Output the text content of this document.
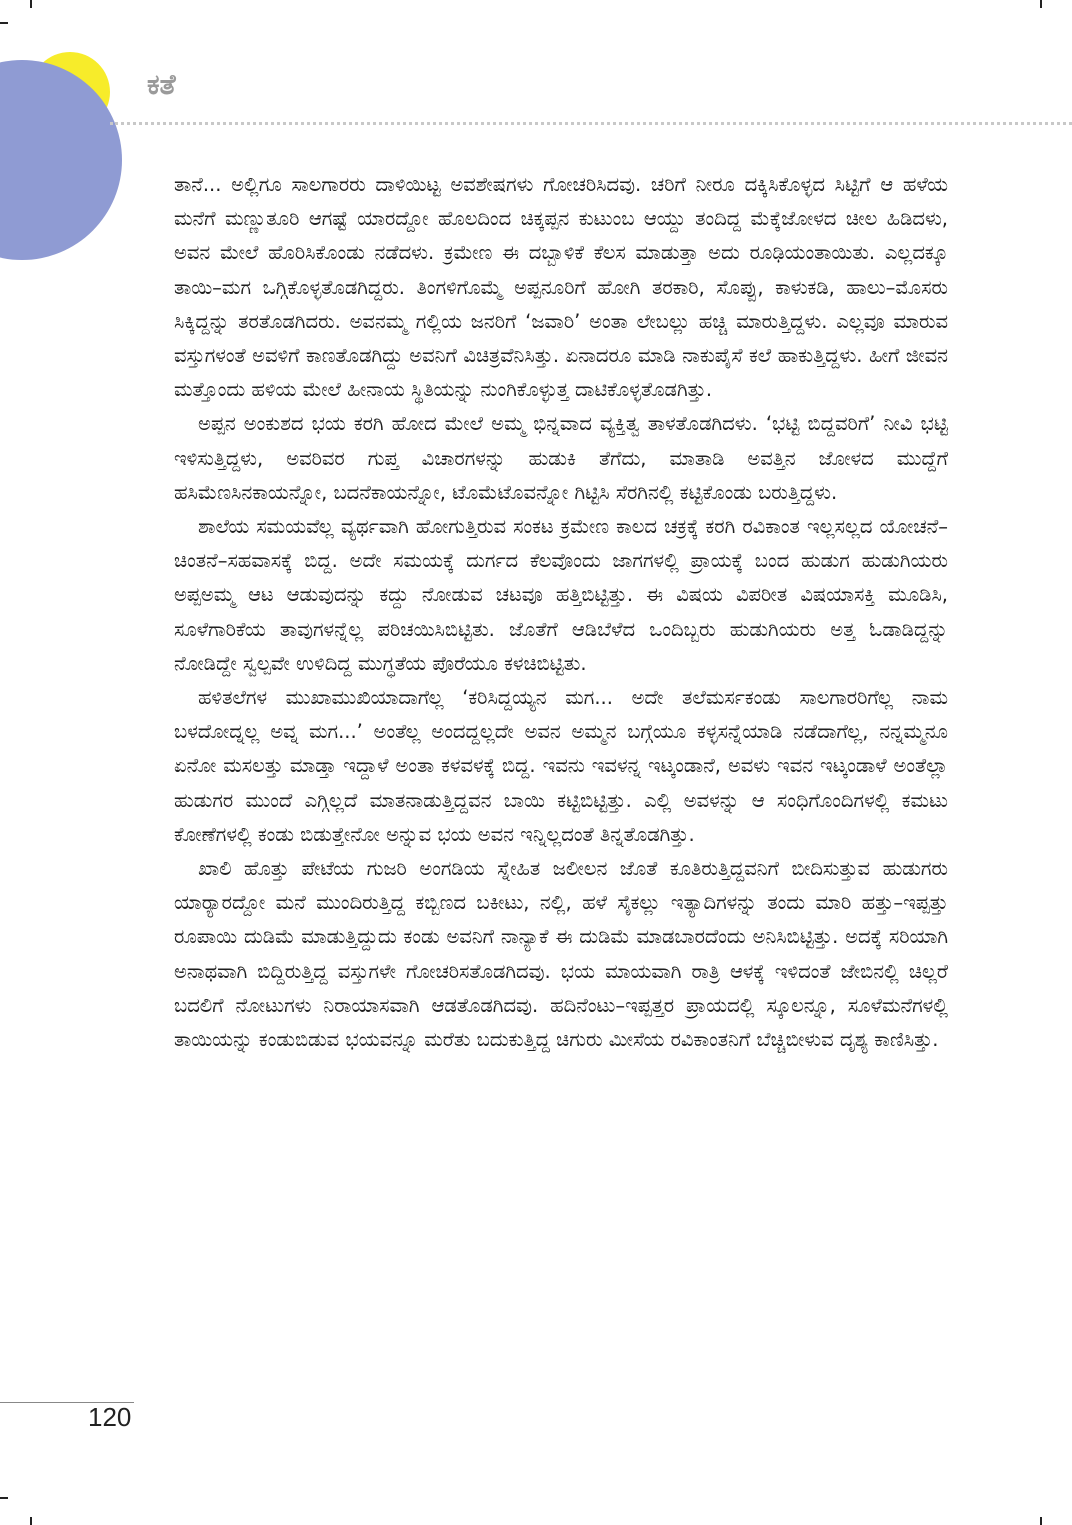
ಕತೆ

ತಾನೆ... ಅಲ್ಲಿಗೂ ಸಾಲಗಾರರು ದಾಳಿಯಿಟ್ಟ ಅವಶೇಷಗಳು ಗೋಚರಿಸಿದವು. ಚರಿಗೆ ನೀರೂ ದಕ್ಕಿಸಿಕೊಳ್ಳದ ಸಿಟ್ಟಿಗೆ ಆ ಹಳೆಯ ಮನೆಗೆ ಮಣ್ಣುತೂರಿ ಆಗಷ್ಟೆ ಯಾರದ್ದೋ ಹೊಲದಿಂದ ಚಿಕ್ಕಪ್ಪನ ಕುಟುಂಬ ಆಯ್ದು ತಂದಿದ್ದ ಮೆಕ್ಕೆಜೋಳದ ಚೀಲ ಹಿಡಿದಳು, ಅವನ ಮೇಲೆ ಹೊರಿಸಿಕೊಂಡು ನಡೆದಳು. ಕ್ರಮೇಣ ಈ ದಬ್ಬಾಳಿಕೆ ಕೆಲಸ ಮಾಡುತ್ತಾ ಅದು ರೂಢಿಯಂತಾಯಿತು. ಎಲ್ಲದಕ್ಕೂ ತಾಯಿ–ಮಗ ಒಗ್ಗಿಕೊಳ್ಳತೊಡಗಿದ್ದರು. ತಿಂಗಳಿಗೊಮ್ಮೆ ಅಪ್ಪನೂರಿಗೆ ಹೋಗಿ ತರಕಾರಿ, ಸೊಪ್ಪು, ಕಾಳುಕಡಿ, ಹಾಲು–ಮೊಸರು ಸಿಕ್ಕಿದ್ದನ್ನು ತರತೊಡಗಿದರು. ಅವನಮ್ಮ ಗಲ್ಲಿಯ ಜನರಿಗೆ ‘ಜವಾರಿ’ ಅಂತಾ ಲೇಬಲ್ಲು ಹಚ್ಚಿ ಮಾರುತ್ತಿದ್ದಳು. ಎಲ್ಲವೂ ಮಾರುವ ವಸ್ತುಗಳಂತೆ ಅವಳಿಗೆ ಕಾಣತೊಡಗಿದ್ದು ಅವನಿಗೆ ವಿಚಿತ್ರವೆನಿಸಿತ್ತು. ಏನಾದರೂ ಮಾಡಿ ನಾಕುಪೈಸೆ ಕಲೆ ಹಾಕುತ್ತಿದ್ದಳು. ಹೀಗೆ ಜೀವನ ಮತ್ತೊಂದು ಹಳಿಯ ಮೇಲೆ ಹೀನಾಯ ಸ್ಥಿತಿಯನ್ನು ನುಂಗಿಕೊಳ್ಳುತ್ತ ದಾಟಿಕೊಳ್ಳತೊಡಗಿತ್ತು.

ಅಪ್ಪನ ಅಂಕುಶದ ಭಯ ಕರಗಿ ಹೋದ ಮೇಲೆ ಅಮ್ಮ ಭಿನ್ನವಾದ ವ್ಯಕ್ತಿತ್ವ ತಾಳತೊಡಗಿದಳು. ‘ಭಟ್ಟಿ ಬಿದ್ದವರಿಗೆ’ ನೀವಿ ಭಟ್ಟಿ ಇಳಿಸುತ್ತಿದ್ದಳು, ಅವರಿವರ ಗುಪ್ತ ವಿಚಾರಗಳನ್ನು ಹುಡುಕಿ ತೆಗೆದು, ಮಾತಾಡಿ ಅವತ್ತಿನ ಜೋಳದ ಮುದ್ದೆಗೆ ಹಸಿಮೆಣಸಿನಕಾಯನ್ನೋ, ಬದನೆಕಾಯನ್ನೋ, ಟೊಮೆಟೊವನ್ನೋ ಗಿಟ್ಟಿಸಿ ಸೆರಗಿನಲ್ಲಿ ಕಟ್ಟಿಕೊಂಡು ಬರುತ್ತಿದ್ದಳು.

ಶಾಲೆಯ ಸಮಯವೆಲ್ಲ ವ್ಯರ್ಥವಾಗಿ ಹೋಗುತ್ತಿರುವ ಸಂಕಟ ಕ್ರಮೇಣ ಕಾಲದ ಚಕ್ರಕ್ಕೆ ಕರಗಿ ರವಿಕಾಂತ ಇಲ್ಲಸಲ್ಲದ ಯೋಚನೆ–ಚಿಂತನೆ–ಸಹವಾಸಕ್ಕೆ ಬಿದ್ದ. ಅದೇ ಸಮಯಕ್ಕೆ ದುರ್ಗದ ಕೆಲವೊಂದು ಜಾಗಗಳಲ್ಲಿ ಪ್ರಾಯಕ್ಕೆ ಬಂದ ಹುಡುಗ ಹುಡುಗಿಯರು ಅಪ್ಪಅಮ್ಮ ಆಟ ಆಡುವುದನ್ನು ಕದ್ದು ನೋಡುವ ಚಟವೂ ಹತ್ತಿಬಿಟ್ಟಿತ್ತು. ಈ ವಿಷಯ ವಿಪರೀತ ವಿಷಯಾಸಕ್ತಿ ಮೂಡಿಸಿ, ಸೂಳೆಗಾರಿಕೆಯ ತಾವುಗಳನ್ನೆಲ್ಲ ಪರಿಚಯಿಸಿಬಿಟ್ಟಿತು. ಜೊತೆಗೆ ಆಡಿಬೆಳೆದ ಒಂದಿಬ್ಬರು ಹುಡುಗಿಯರು ಅತ್ತ ಓಡಾಡಿದ್ದನ್ನು ನೋಡಿದ್ದೇ ಸ್ವಲ್ಪವೇ ಉಳಿದಿದ್ದ ಮುಗ್ಧತೆಯ ಪೊರೆಯೂ ಕಳಚಿಬಿಟ್ಟಿತು.

ಹಳಿತಲೆಗಳ ಮುಖಾಮುಖಿಯಾದಾಗೆಲ್ಲ ‘ಕರಿಸಿದ್ದಯ್ಯನ ಮಗ... ಅದೇ ತಲೆಮರ್ಸಕಂಡು ಸಾಲಗಾರರಿಗೆಲ್ಲ ನಾಮ ಬಳದೋದ್ನಲ್ಲ ಅವ್ನ ಮಗ...’ ಅಂತೆಲ್ಲ ಅಂದದ್ದಲ್ಲದೇ ಅವನ ಅಮ್ಮನ ಬಗ್ಗೆಯೂ ಕಳ್ಳಸನ್ನೆಯಾಡಿ ನಡೆದಾಗೆಲ್ಲ, ನನ್ನಮ್ಮನೂ ಏನೋ ಮಸಲತ್ತು ಮಾಡ್ತಾ ಇದ್ದಾಳೆ ಅಂತಾ ಕಳವಳಕ್ಕೆ ಬಿದ್ದ. ಇವನು ಇವಳನ್ನ ಇಟ್ಕಂಡಾನೆ, ಅವಳು ಇವನ ಇಟ್ಕಂಡಾಳೆ ಅಂತೆಲ್ಲಾ ಹುಡುಗರ ಮುಂದೆ ಎಗ್ಗಿಲ್ಲದೆ ಮಾತನಾಡುತ್ತಿದ್ದವನ ಬಾಯಿ ಕಟ್ಟಿಬಿಟ್ಟಿತ್ತು. ಎಲ್ಲಿ ಅವಳನ್ನು ಆ ಸಂಧಿಗೊಂದಿಗಳಲ್ಲಿ ಕಮಟು ಕೋಣೆಗಳಲ್ಲಿ ಕಂಡು ಬಿಡುತ್ತೇನೋ ಅನ್ನುವ ಭಯ ಅವನ ಇನ್ನಿಲ್ಲದಂತೆ ತಿನ್ನತೊಡಗಿತ್ತು.

ಖಾಲಿ ಹೊತ್ತು ಪೇಟೆಯ ಗುಜರಿ ಅಂಗಡಿಯ ಸ್ನೇಹಿತ ಜಲೀಲನ ಜೊತೆ ಕೂತಿರುತ್ತಿದ್ದವನಿಗೆ ಬೀದಿಸುತ್ತುವ ಹುಡುಗರು ಯಾರ್‍ಯಾರದ್ದೋ ಮನೆ ಮುಂದಿರುತ್ತಿದ್ದ ಕಬ್ಬಿಣದ ಬಕೀಟು, ನಲ್ಲಿ, ಹಳೆ ಸೈಕಲ್ಲು ಇತ್ಯಾದಿಗಳನ್ನು ತಂದು ಮಾರಿ ಹತ್ತು–ಇಪ್ಪತ್ತು ರೂಪಾಯಿ ದುಡಿಮೆ ಮಾಡುತ್ತಿದ್ದುದು ಕಂಡು ಅವನಿಗೆ ನಾನ್ಯಾಕೆ ಈ ದುಡಿಮೆ ಮಾಡಬಾರದೆಂದು ಅನಿಸಿಬಿಟ್ಟಿತ್ತು. ಅದಕ್ಕೆ ಸರಿಯಾಗಿ ಅನಾಥವಾಗಿ ಬಿದ್ದಿರುತ್ತಿದ್ದ ವಸ್ತುಗಳೇ ಗೋಚರಿಸತೊಡಗಿದವು. ಭಯ ಮಾಯವಾಗಿ ರಾತ್ರಿ ಆಳಕ್ಕೆ ಇಳಿದಂತೆ ಜೇಬಿನಲ್ಲಿ ಚಿಲ್ಲರೆ ಬದಲಿಗೆ ನೋಟುಗಳು ನಿರಾಯಾಸವಾಗಿ ಆಡತೊಡಗಿದವು. ಹದಿನೆಂಟು–ಇಪ್ಪತ್ತರ ಪ್ರಾಯದಲ್ಲಿ ಸ್ಕೂಲನ್ನೂ, ಸೂಳೆಮನೆಗಳಲ್ಲಿ ತಾಯಿಯನ್ನು ಕಂಡುಬಿಡುವ ಭಯವನ್ನೂ ಮರೆತು ಬದುಕುತ್ತಿದ್ದ ಚಿಗುರು ಮೀಸೆಯ ರವಿಕಾಂತನಿಗೆ ಬೆಚ್ಚಿಬೀಳುವ ದೃಶ್ಯ ಕಾಣಿಸಿತ್ತು.

120
